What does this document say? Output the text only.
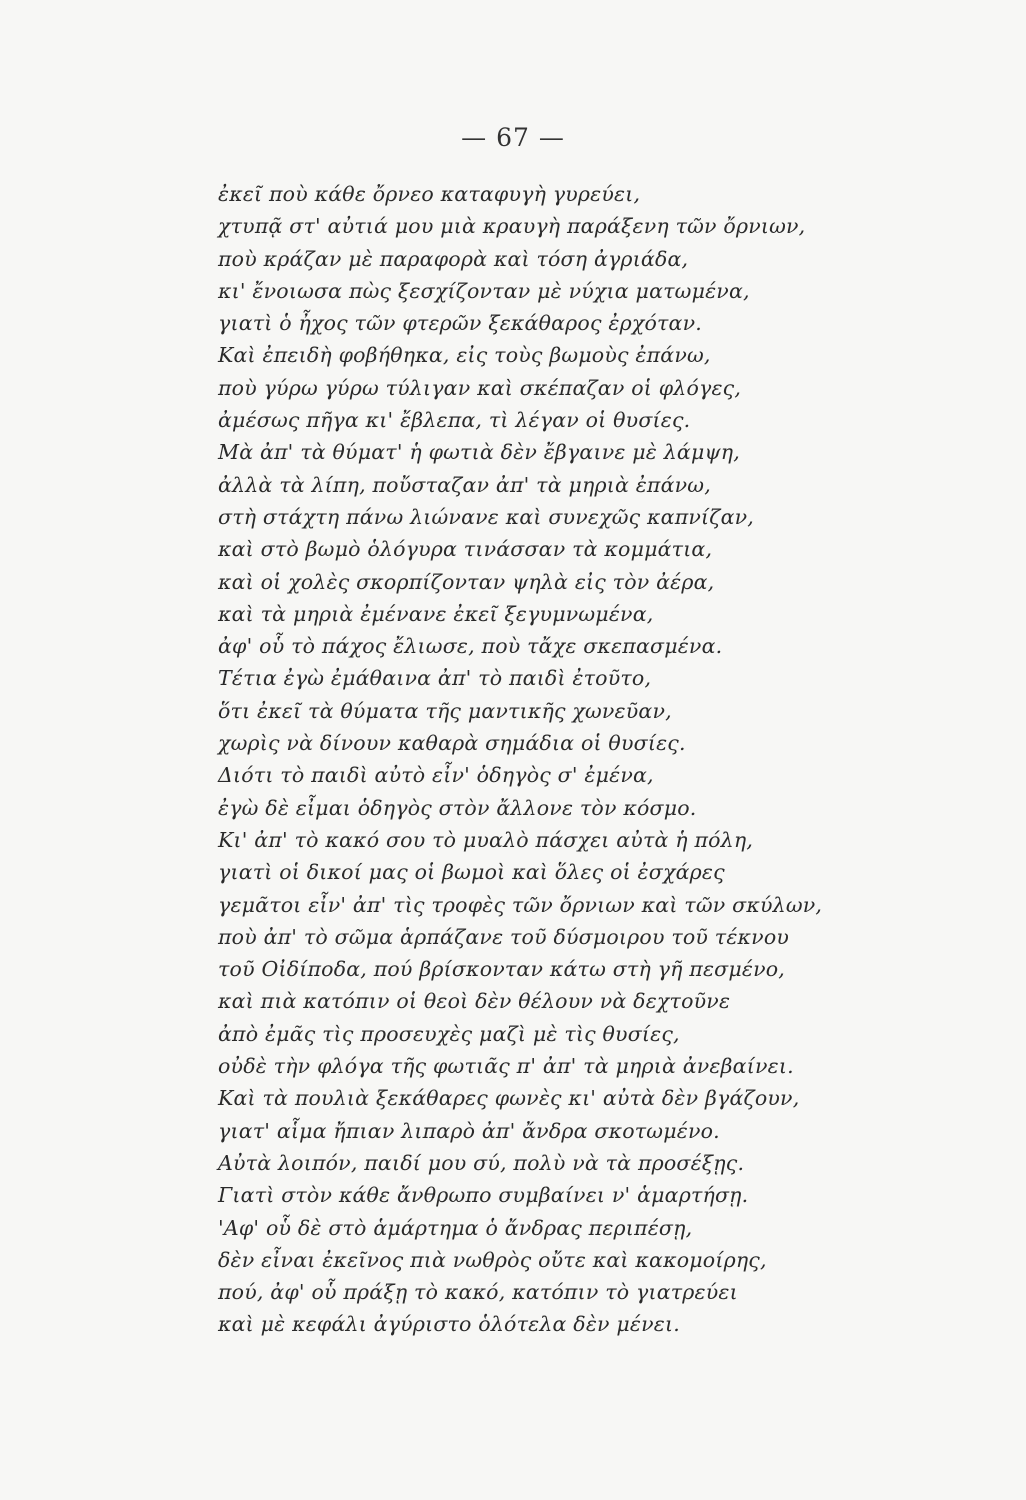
— 67 —
ἐκεῖ ποὺ κάθε ὄρνεο καταφυγὴ γυρεύει,
χτυπᾷ στ' αὐτιά μου μιὰ κραυγὴ παράξενη τῶν ὄρνιων,
ποὺ κράζαν μὲ παραφορὰ καὶ τόση ἀγριάδα,
κι' ἔνοιωσα πὼς ξεσχίζονταν μὲ νύχια ματωμένα,
γιατὶ ὁ ἦχος τῶν φτερῶν ξεκάθαρος ἐρχόταν.
Καὶ ἐπειδὴ φοβήθηκα, εἰς τοὺς βωμοὺς ἐπάνω,
ποὺ γύρω γύρω τύλιγαν καὶ σκέπαζαν οἱ φλόγες,
ἀμέσως πῆγα κι' ἔβλεπα, τὶ λέγαν οἱ θυσίες.
Μὰ ἀπ' τὰ θύματ' ἡ φωτιὰ δὲν ἔβγαινε μὲ λάμψη,
ἀλλὰ τὰ λίπη, ποὔσταζαν ἀπ' τὰ μηριὰ ἐπάνω,
στὴ στάχτη πάνω λιώνανε καὶ συνεχῶς καπνίζαν,
καὶ στὸ βωμὸ ὁλόγυρα τινάσσαν τὰ κομμάτια,
καὶ οἱ χολὲς σκορπίζονταν ψηλὰ εἰς τὸν ἀέρα,
καὶ τὰ μηριὰ ἐμένανε ἐκεῖ ξεγυμνωμένα,
ἀφ' οὗ τὸ πάχος ἔλιωσε, ποὺ τἄχε σκεπασμένα.
Τέτια ἐγὼ ἐμάθαινα ἀπ' τὸ παιδὶ ἐτοῦτο,
ὅτι ἐκεῖ τὰ θύματα τῆς μαντικῆς χωνεῦαν,
χωρὶς νὰ δίνουν καθαρὰ σημάδια οἱ θυσίες.
Διότι τὸ παιδὶ αὐτὸ εἶν' ὁδηγὸς σ' ἐμένα,
ἐγὼ δὲ εἶμαι ὁδηγὸς στὸν ἄλλονε τὸν κόσμο.
Κι' ἀπ' τὸ κακό σου τὸ μυαλὸ πάσχει αὐτὰ ἡ πόλη,
γιατὶ οἱ δικοί μας οἱ βωμοὶ καὶ ὅλες οἱ ἐσχάρες
γεμᾶτοι εἶν' ἀπ' τὶς τροφὲς τῶν ὄρνιων καὶ τῶν σκύλων,
ποὺ ἀπ' τὸ σῶμα ἁρπάζανε τοῦ δύσμοιρου τοῦ τέκνου
τοῦ Οἰδίποδα, πού βρίσκονταν κάτω στὴ γῆ πεσμένο,
καὶ πιὰ κατόπιν οἱ θεοὶ δὲν θέλουν νὰ δεχτοῦνε
ἀπὸ ἐμᾶς τὶς προσευχὲς μαζὶ μὲ τὶς θυσίες,
οὐδὲ τὴν φλόγα τῆς φωτιᾶς π' ἀπ' τὰ μηριὰ ἀνεβαίνει.
Καὶ τὰ πουλιὰ ξεκάθαρες φωνὲς κι' αὐτὰ δὲν βγάζουν,
γιατ' αἷμα ἤπιαν λιπαρὸ ἀπ' ἄνδρα σκοτωμένο.
Αὐτὰ λοιπόν, παιδί μου σύ, πολὺ νὰ τὰ προσέξῃς.
Γιατὶ στὸν κάθε ἄνθρωπο συμβαίνει ν' ἁμαρτήσῃ.
'Αφ' οὗ δὲ στὸ ἁμάρτημα ὁ ἄνδρας περιπέσῃ,
δὲν εἶναι ἐκεῖνος πιὰ νωθρὸς οὔτε καὶ κακομοίρης,
πού, ἀφ' οὗ πράξῃ τὸ κακό, κατόπιν τὸ γιατρεύει
καὶ μὲ κεφάλι ἀγύριστο ὁλότελα δὲν μένει.
